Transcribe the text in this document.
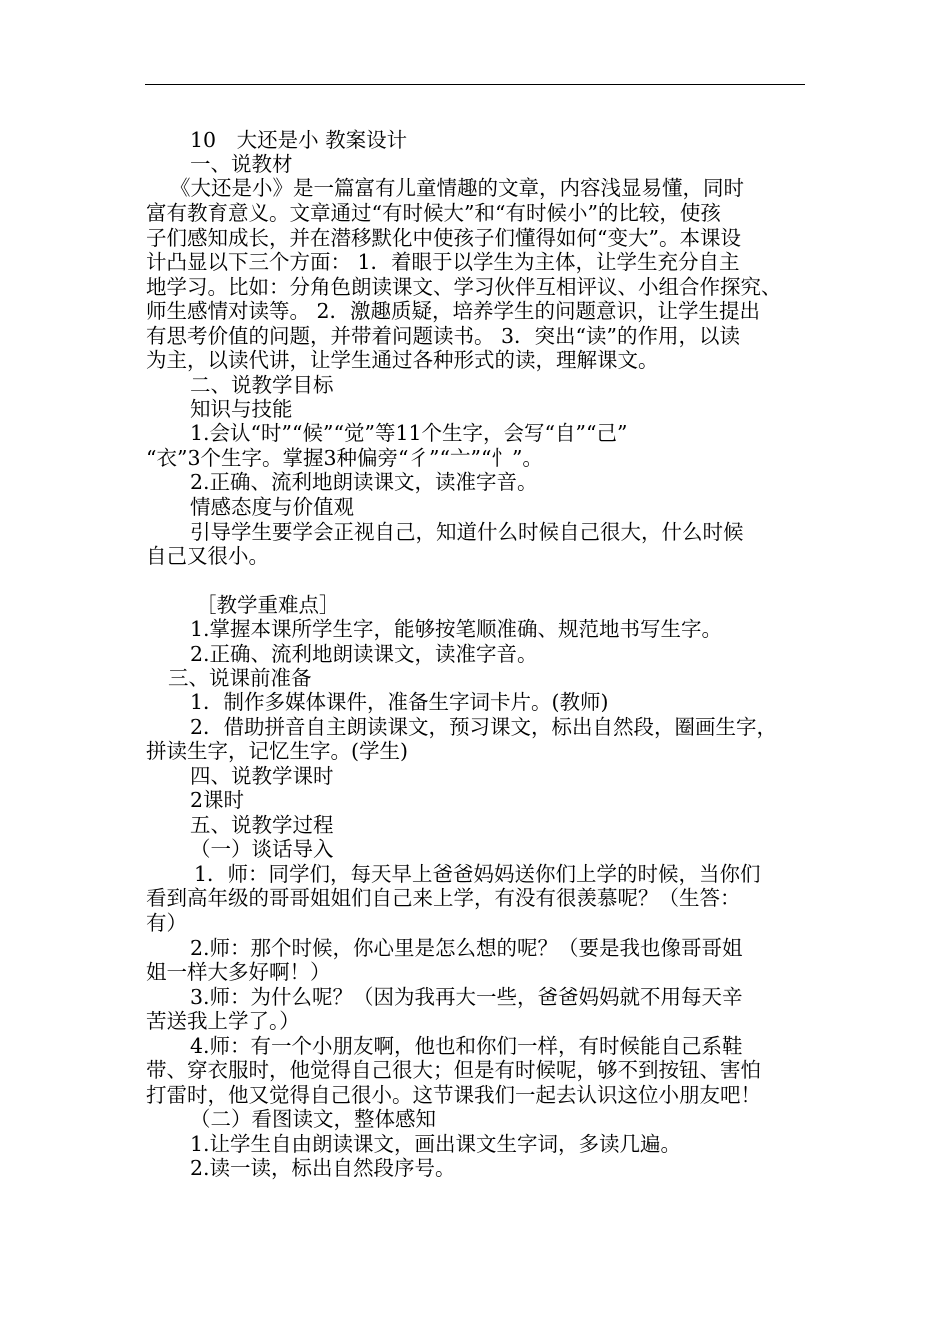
10　大还是小 教案设计
一、说教材
《大还是小》是一篇富有儿童情趣的文章，内容浅显易懂，同时
富有教育意义。文章通过“有时候大”和“有时候小”的比较，使孩
子们感知成长，并在潜移默化中使孩子们懂得如何“变大”。本课设
计凸显以下三个方面： 1．着眼于以学生为主体，让学生充分自主
地学习。比如：分角色朗读课文、学习伙伴互相评议、小组合作探究、
师生感情对读等。 2．激趣质疑，培养学生的问题意识，让学生提出
有思考价值的问题，并带着问题读书。 3．突出“读”的作用，以读
为主，以读代讲，让学生通过各种形式的读，理解课文。
二、说教学目标
知识与技能
1.会认“时”“候”“觉”等11个生字，会写“自”“己”
“衣”3个生字。掌握3种偏旁“彳”“亠”“忄”。
2.正确、流利地朗读课文，读准字音。
情感态度与价值观
引导学生要学会正视自己，知道什么时候自己很大，什么时候
自己又很小。
［教学重难点］
1.掌握本课所学生字，能够按笔顺准确、规范地书写生字。
2.正确、流利地朗读课文，读准字音。
三、说课前准备
1．制作多媒体课件，准备生字词卡片。(教师)
2．借助拼音自主朗读课文，预习课文，标出自然段，圈画生字，
拼读生字，记忆生字。(学生)
四、说教学课时
2课时
五、说教学过程
（一）谈话导入
1．师：同学们，每天早上爸爸妈妈送你们上学的时候，当你们
看到高年级的哥哥姐姐们自己来上学，有没有很羡慕呢？（生答：
有）
2.师：那个时候，你心里是怎么想的呢？（要是我也像哥哥姐
姐一样大多好啊！）
3.师：为什么呢？（因为我再大一些，爸爸妈妈就不用每天辛
苦送我上学了。）
4.师：有一个小朋友啊，他也和你们一样，有时候能自己系鞋
带、穿衣服时，他觉得自己很大；但是有时候呢，够不到按钮、害怕
打雷时，他又觉得自己很小。这节课我们一起去认识这位小朋友吧！
（二）看图读文，整体感知
1.让学生自由朗读课文，画出课文生字词，多读几遍。
2.读一读，标出自然段序号。
